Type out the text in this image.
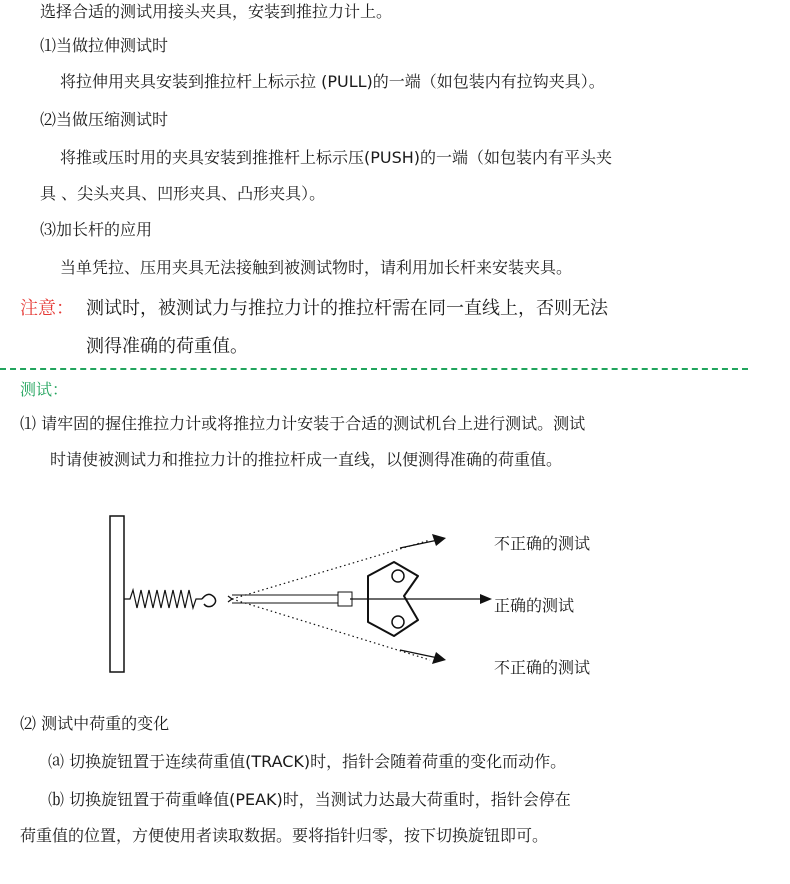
选择合适的测试用接头夹具，安装到推拉力计上。
⑴当做拉伸测试时
将拉伸用夹具安装到推拉杆上标示拉 (PULL)的一端（如包装内有拉钩夹具）。
⑵当做压缩测试时
将推或压时用的夹具安装到推推杆上标示压(PUSH)的一端（如包装内有平头夹
具 、尖头夹具、凹形夹具、凸形夹具）。
⑶加长杆的应用
当单凭拉、压用夹具无法接触到被测试物时，请利用加长杆来安装夹具。
注意： 测试时，被测试力与推拉力计的推拉杆需在同一直线上，否则无法
测得准确的荷重值。
测试：
⑴ 请牢固的握住推拉力计或将推拉力计安装于合适的测试机台上进行测试。测试
时请使被测试力和推拉力计的推拉杆成一直线，以便测得准确的荷重值。
不正确的测试
正确的测试
不正确的测试
⑵ 测试中荷重的变化
⒜ 切换旋钮置于连续荷重值(TRACK)时，指针会随着荷重的变化而动作。
⒝ 切换旋钮置于荷重峰值(PEAK)时，当测试力达最大荷重时，指针会停在
荷重值的位置，方便使用者读取数据。要将指针归零，按下切换旋钮即可。
